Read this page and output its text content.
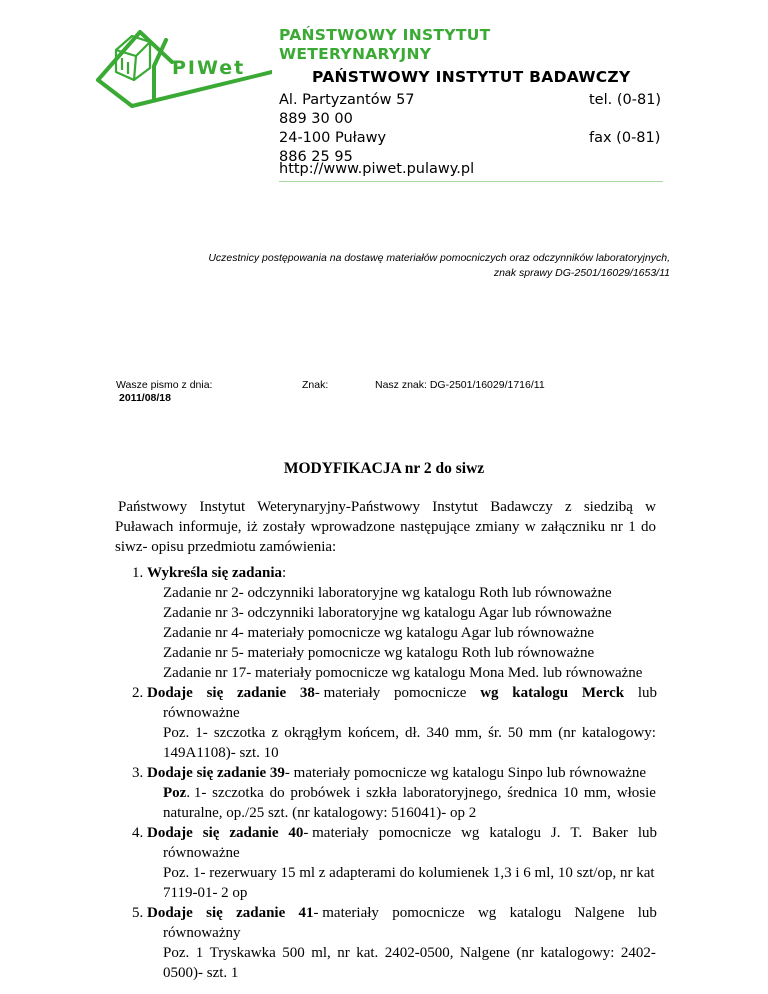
PIWet
PAŃSTWOWY INSTYTUT
WETERYNARYJNY
PAŃSTWOWY INSTYTUT BADAWCZY
Al. Partyzantów 57	tel. (0-81)
889 30 00
24-100 Puławy	fax (0-81)
886 25 95
http://www.piwet.pulawy.pl
Uczestnicy postępowania na dostawę materiałów pomocniczych oraz odczynników laboratoryjnych,
znak sprawy DG-2501/16029/1653/11
Wasze pismo z dnia:
2011/08/18
Znak:	Nasz znak: DG-2501/16029/1716/11
MODYFIKACJA nr 2 do siwz

Państwowy Instytut Weterynaryjny-Państwowy Instytut Badawczy z siedzibą w Puławach informuje, iż zostały wprowadzone następujące zmiany w załączniku nr 1 do siwz- opisu przedmiotu zamówienia:

1. Wykreśla się zadania:
Zadanie nr 2- odczynniki laboratoryjne wg katalogu Roth lub równoważne
Zadanie nr 3- odczynniki laboratoryjne wg katalogu Agar lub równoważne
Zadanie nr 4- materiały pomocnicze wg katalogu Agar lub równoważne
Zadanie nr 5- materiały pomocnicze wg katalogu Roth lub równoważne
Zadanie nr 17- materiały pomocnicze wg katalogu Mona Med. lub równoważne
2. Dodaje się zadanie 38- materiały pomocnicze wg katalogu Merck lub
równoważne
Poz. 1- szczotka z okrągłym końcem, dł. 340 mm, śr. 50 mm (nr katalogowy:
149A1108)- szt. 10
3. Dodaje się zadanie 39- materiały pomocnicze wg katalogu Sinpo lub równoważne
Poz. 1- szczotka do probówek i szkła laboratoryjnego, średnica 10 mm, włosie
naturalne, op./25 szt. (nr katalogowy: 516041)- op 2
4. Dodaje się zadanie 40- materiały pomocnicze wg katalogu J. T. Baker lub
równoważne
Poz. 1- rezerwuary 15 ml z adapterami do kolumienek 1,3 i 6 ml, 10 szt/op, nr kat
7119-01- 2 op
5. Dodaje się zadanie 41- materiały pomocnicze wg katalogu Nalgene lub
równoważny
Poz. 1 Tryskawka 500 ml, nr kat. 2402-0500, Nalgene (nr katalogowy: 2402-
0500)- szt. 1
